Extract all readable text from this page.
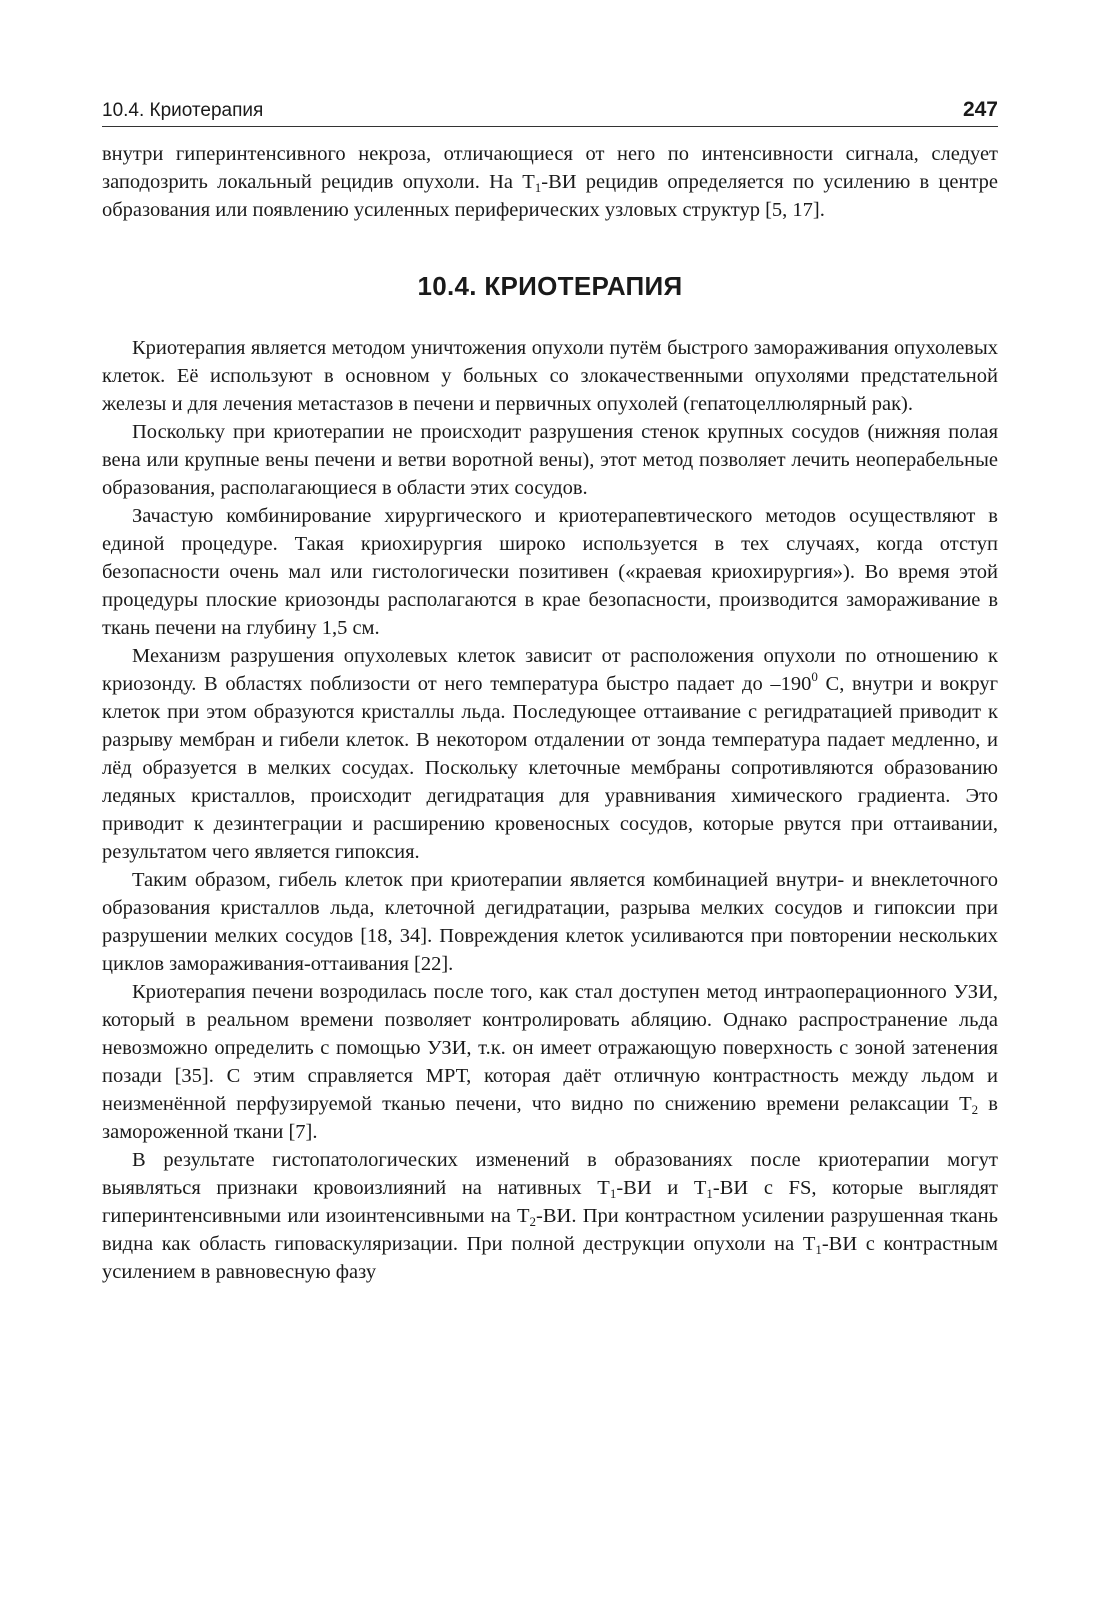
10.4. Криотерапия	247

внутри гиперинтенсивного некроза, отличающиеся от него по интенсивности сигнала, следует заподозрить локальный рецидив опухоли. На $T_1-ВИ$ рецидив определяется по усилению в центре образования или появлению усиленных периферических узловых структур [5, 17].

10.4. КРИОТЕРАПИЯ

Криотерапия является методом уничтожения опухоли путём быстрого замораживания опухолевых клеток. Её используют в основном у больных со злокачественными опухолями предстательной железы и для лечения метастазов в печени и первичных опухолей (гепатоцеллюлярный рак).

Поскольку при криотерапии не происходит разрушения стенок крупных сосудов (нижняя полая вена или крупные вены печени и ветви воротной вены), этот метод позволяет лечить неоперабельные образования, располагающиеся в области этих сосудов.

Зачастую комбинирование хирургического и криотерапевтического методов осуществляют в единой процедуре. Такая криохирургия широко используется в тех случаях, когда отступ безопасности очень мал или гистологически позитивен («краевая криохирургия»). Во время этой процедуры плоские криозонды располагаются в крае безопасности, производится замораживание в ткань печени на глубину 1,5 см.

Механизм разрушения опухолевых клеток зависит от расположения опухоли по отношению к криозонду. В областях поблизости от него температура быстро падает до $-190^0$ С, внутри и вокруг клеток при этом образуются кристаллы льда. Последующее оттаивание с регидратацией приводит к разрыву мембран и гибели клеток. В некотором отдалении от зонда температура падает медленно, и лёд образуется в мелких сосудах. Поскольку клеточные мембраны сопротивляются образованию ледяных кристаллов, происходит дегидратация для уравнивания химического градиента. Это приводит к дезинтеграции и расширению кровеносных сосудов, которые рвутся при оттаивании, результатом чего является гипоксия.

Таким образом, гибель клеток при криотерапии является комбинацией внутри- и внеклеточного образования кристаллов льда, клеточной дегидратации, разрыва мелких сосудов и гипоксии при разрушении мелких сосудов [18, 34]. Повреждения клеток усиливаются при повторении нескольких циклов замораживания-оттаивания [22].

Криотерапия печени возродилась после того, как стал доступен метод интраоперационного УЗИ, который в реальном времени позволяет контролировать абляцию. Однако распространение льда невозможно определить с помощью УЗИ, т.к. он имеет отражающую поверхность с зоной затенения позади [35]. С этим справляется МРТ, которая даёт отличную контрастность между льдом и неизменённой перфузируемой тканью печени, что видно по снижению времени релаксации $T_2$ в замороженной ткани [7].

В результате гистопатологических изменений в образованиях после криотерапии могут выявляться признаки кровоизлияний на нативных $T_1-ВИ$ и $T_1-ВИ$ с FS, которые выглядят гиперинтенсивными или изоинтенсивными на $T_2-ВИ$. При контрастном усилении разрушенная ткань видна как область гиповаскуляризации. При полной деструкции опухоли на $T_1-ВИ$ с контрастным усилением в равновесную фазу
